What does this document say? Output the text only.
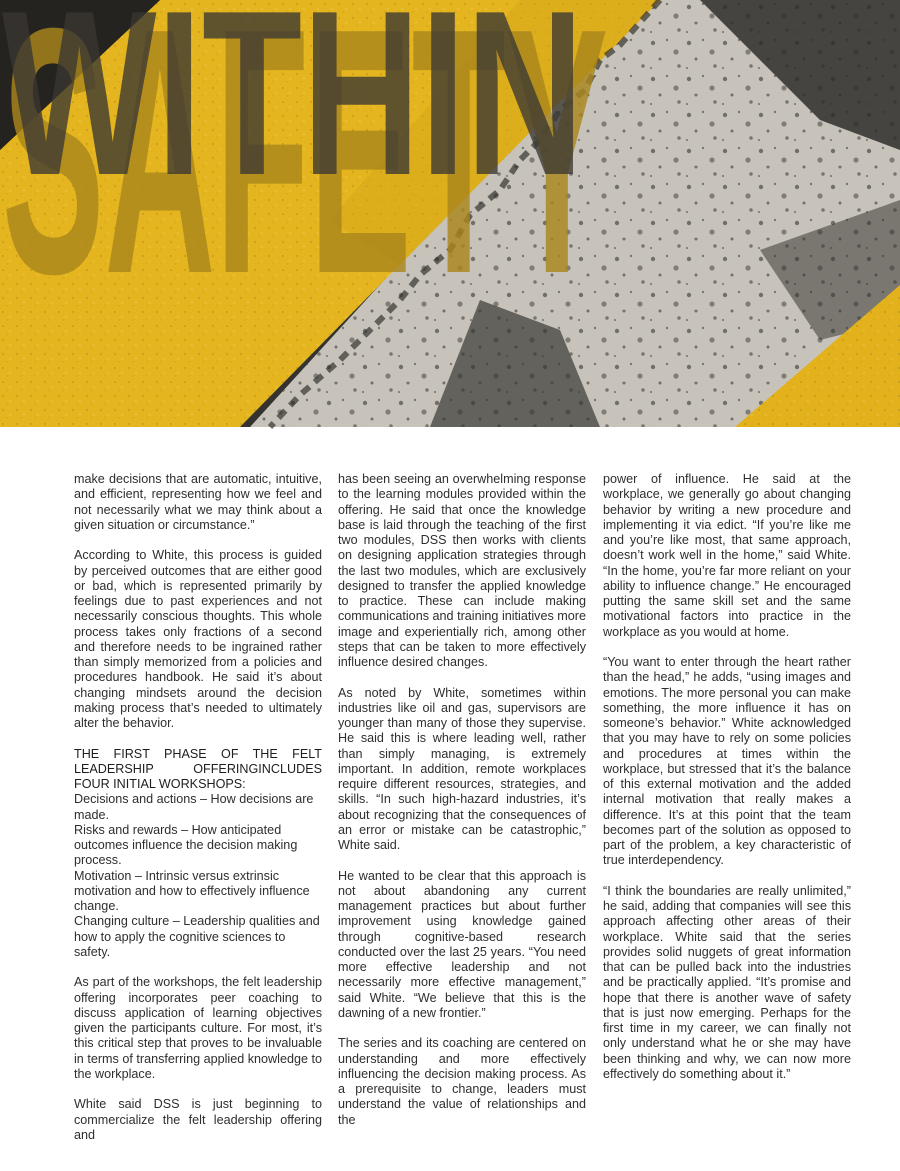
SAFETY
WITHIN

make decisions that are automatic, intuitive, and efficient, representing how we feel and not necessarily what we may think about a given situation or circumstance.”

According to White, this process is guided by perceived outcomes that are either good or bad, which is represented primarily by feelings due to past experiences and not necessarily conscious thoughts. This whole process takes only fractions of a second and therefore needs to be ingrained rather than simply memorized from a policies and procedures handbook. He said it’s about changing mindsets around the decision making process that’s needed to ultimately alter the behavior.

THE FIRST PHASE OF THE FELT LEADERSHIP OFFERINGINCLUDES FOUR INITIAL WORKSHOPS:
Decisions and actions – How decisions are made.
Risks and rewards – How anticipated outcomes influence the decision making process.
Motivation – Intrinsic versus extrinsic motivation and how to effectively influence change.
Changing culture – Leadership qualities and how to apply the cognitive sciences to safety.

As part of the workshops, the felt leadership offering incorporates peer coaching to discuss application of learning objectives given the participants culture. For most, it’s this critical step that proves to be invaluable in terms of transferring applied knowledge to the workplace.

White said DSS is just beginning to commercialize the felt leadership offering and

has been seeing an overwhelming response to the learning modules provided within the offering. He said that once the knowledge base is laid through the teaching of the first two modules, DSS then works with clients on designing application strategies through the last two modules, which are exclusively designed to transfer the applied knowledge to practice. These can include making communications and training initiatives more image and experientially rich, among other steps that can be taken to more effectively influence desired changes.

As noted by White, sometimes within industries like oil and gas, supervisors are younger than many of those they supervise. He said this is where leading well, rather than simply managing, is extremely important. In addition, remote workplaces require different resources, strategies, and skills. “In such high-hazard industries, it’s about recognizing that the consequences of an error or mistake can be catastrophic,” White said.

He wanted to be clear that this approach is not about abandoning any current management practices but about further improvement using knowledge gained through cognitive-based research conducted over the last 25 years. “You need more effective leadership and not necessarily more effective management,” said White. “We believe that this is the dawning of a new frontier.”

The series and its coaching are centered on understanding and more effectively influencing the decision making process. As a prerequisite to change, leaders must understand the value of relationships and the

power of influence. He said at the workplace, we generally go about changing behavior by writing a new procedure and implementing it via edict. “If you’re like me and you’re like most, that same approach, doesn’t work well in the home,” said White. “In the home, you’re far more reliant on your ability to influence change.” He encouraged putting the same skill set and the same motivational factors into practice in the workplace as you would at home.

“You want to enter through the heart rather than the head,” he adds, “using images and emotions. The more personal you can make something, the more influence it has on someone’s behavior.” White acknowledged that you may have to rely on some policies and procedures at times within the workplace, but stressed that it’s the balance of this external motivation and the added internal motivation that really makes a difference. It’s at this point that the team becomes part of the solution as opposed to part of the problem, a key characteristic of true interdependency.

“I think the boundaries are really unlimited,” he said, adding that companies will see this approach affecting other areas of their workplace. White said that the series provides solid nuggets of great information that can be pulled back into the industries and be practically applied. “It’s promise and hope that there is another wave of safety that is just now emerging. Perhaps for the first time in my career, we can finally not only understand what he or she may have been thinking and why, we can now more effectively do something about it.”
